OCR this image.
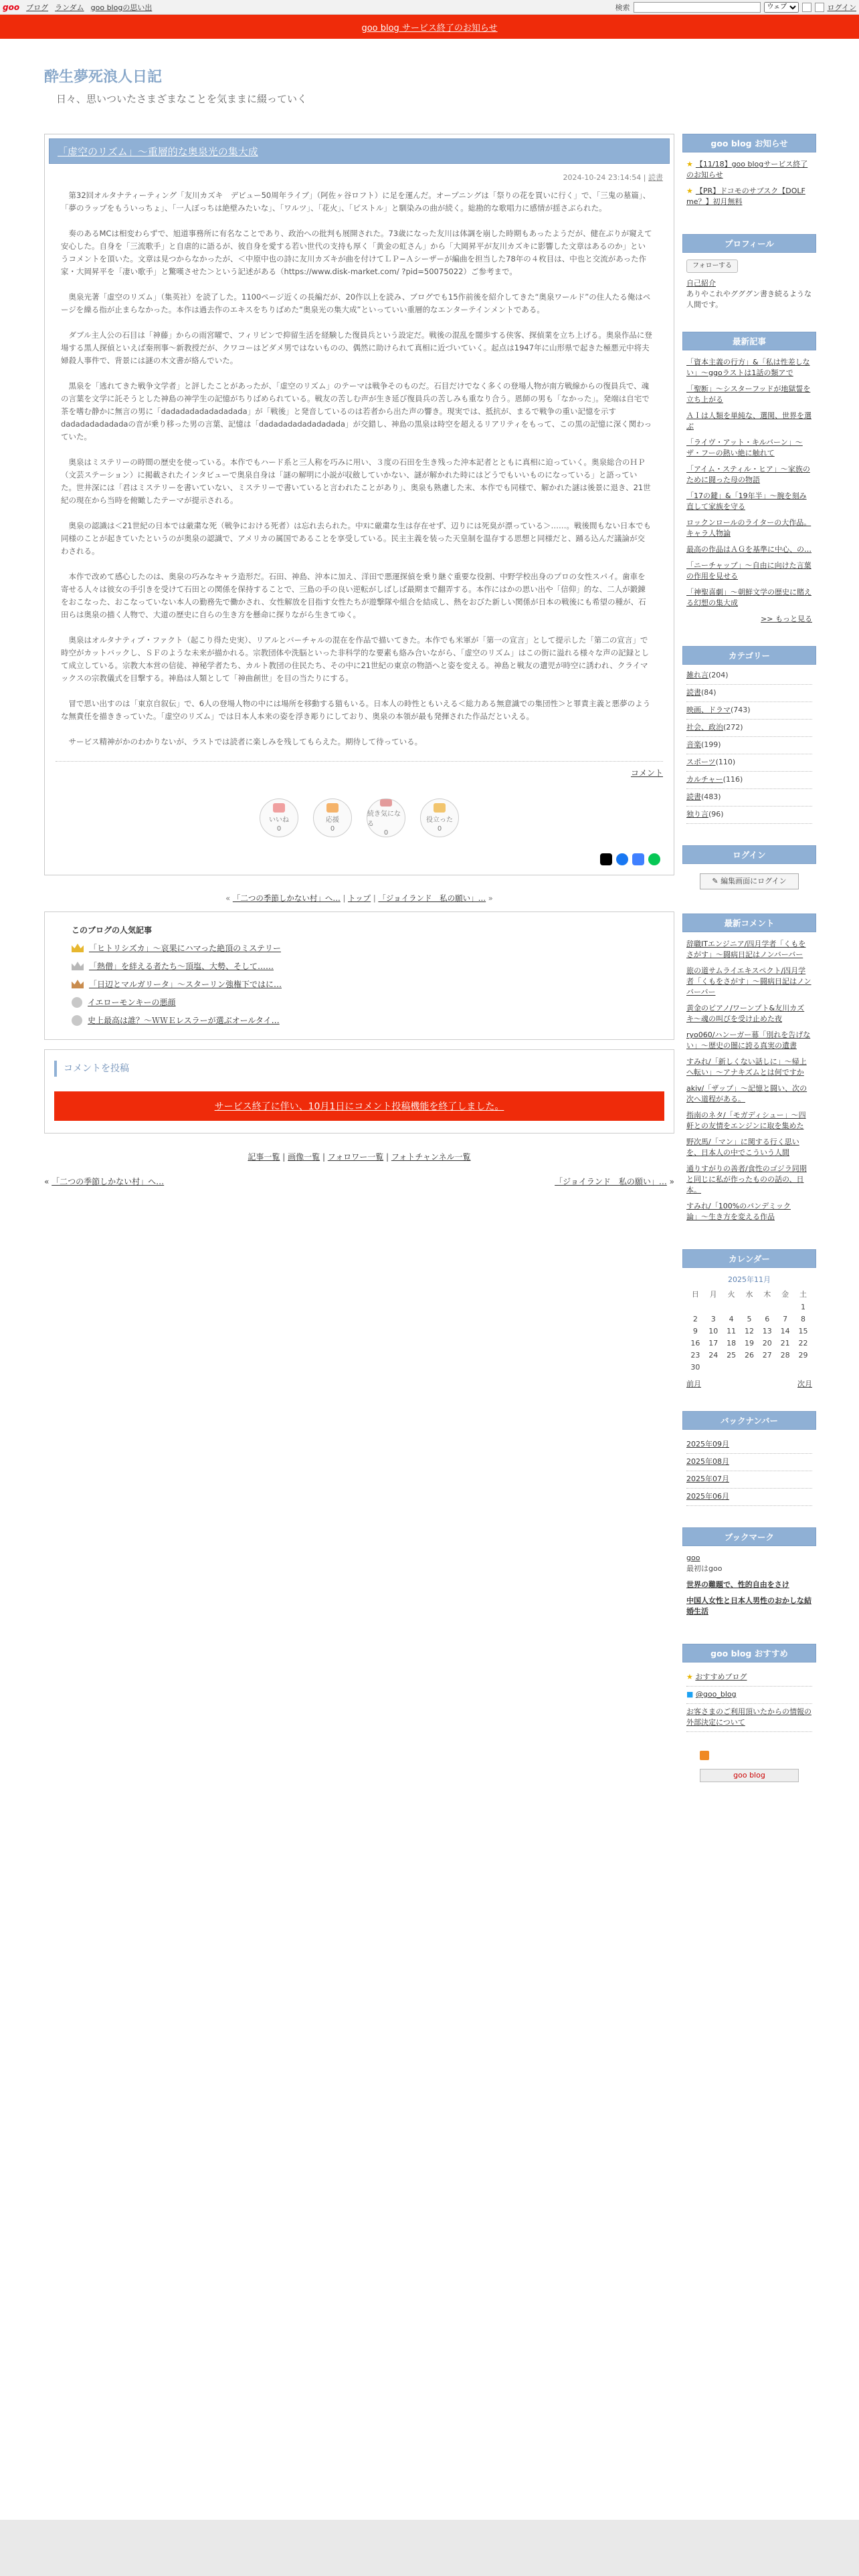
goo ブログ ランダム goo blogの思い出	検索
ウェブ	ログイン
goo blog サービス終了のお知らせ
酔生夢死浪人日記
日々、思いついたさまざまなことを気ままに綴っていく
「虚空のリズム」〜重層的な奥泉光の集大成
2024-10-24 23:14:54 | 読書

第32回オルタナティーティング「友川カズキ　デビュー50周年ライブ」（阿佐ヶ谷ロフト）に足を運んだ。オープニングは「祭りの花を買いに行く」で、「三鬼の墓篇」、「夢のラップをもういっちょ」、「一人ぼっちは絶壁みたいな」、「ワルツ」、「花火」、「ピストル」と馴染みの曲が続く。総勘的な歌唱力に感情が揺さぶられた。

奏のあるMCは相変わらずで、旭道事務所に有名なことであり、政治への批判も展開された。73歳になった友川は体調を崩した時期もあったようだが、健在ぶりが窺えて安心した。自身を「三流歌手」と自虐的に語るが、彼自身を愛する若い世代の支持も厚く「黄金の虹さん」から「大岡昇平が友川カズキに影響した文章はあるのか」というコメントを頂いた。文章は見つからなかったが、＜中原中也の詩に友川カズキが曲を付けてＬＰ−Ａシーザーが編曲を担当した78年の４枚目は、中也と交流があった作家・大岡昇平を「凄い歌手」と驚嘆させた＞という記述がある（https://www.disk-market.com/ ?pid=50075022）ご参考まで。

奥泉光著「虚空のリズム」（集英社）を読了した。1100ページ近くの長編だが、20作以上を読み、ブログでも15作前後を紹介してきた“奥泉ワールド”の住人たる俺はページを繰る指が止まらなかった。本作は過去作のエキスをちりばめた“奥泉光の集大成”といっていい重層的なエンターテインメントである。

ダブル主人公の石目は「神藤」からの雨宮曜で、フィリピンで抑留生活を経験した復員兵という設定だ。戦後の混乱を闊歩する侠客、探偵業を立ち上げる。奥泉作品に登場する黒人探偵といえば秦刑事〜新教授だが、クワコーはどダメ男ではないものの、偶然に助けられて真相に近づいていく。起点は1947年に山形県で起きた極悪元中将夫婦殺人事件で、背景には謎の木文書が絡んでいた。

黒泉を「逃れてきた戦争文学者」と評したことがあったが、「虚空のリズム」のテーマは戦争そのものだ。石目だけでなく多くの登場人物が南方戦線からの復員兵で、魂の言葉を文学に託そうとした神島の神学生の記憶がちりばめられている。戦友の苦しむ声が生き延び復員兵の苦しみも重なり合う。恩師の男も「なかった」。発端は自宅で茶を嗜む静かに無言の男に「dadadadadadadadada」が「戦後」と発音しているのは若者から出た声の響き。現実では、抵抗が、まるで戦争の重い記憶を示すdadadadadadadaの音が乗り移った男の言葉、記憶は「dadadadadadadadada」が交錯し、神島の黒泉は時空を超えるリアリティをもって、この黒の記憶に深く関わっていた。

奥泉はミステリーの時間の歴史を使っている。本作でもハード系と三人称を巧みに用い、３度の石田を生き残った沖本記者とともに真相に迫っていく。奥泉総合のＨＰ（文芸ステーション）に掲載されたインタビューで奥泉自身は「謎の解明に小説が収斂していかない、謎が解かれた時にはどうでもいいものになっている」と語っていた。世井深には「君はミステリーを書いていない、ミステリーで書いていると言われたことがあり」、奥泉も熟慮した末、本作でも同様で、解かれた謎は後景に退き、21世紀の現在から当時を俯瞰したテーマが提示される。

奥泉の認識は＜21世紀の日本では厳粛な死（戦争における死者）は忘れ去られた。中ﾇに厳粛な生は存在せず、辺りには死臭が漂っている＞……。戦後間もない日本でも同様のことが起きていたというのが奥泉の認識で、アメリカの属国であることを享受している。民主主義を装った天皇制を温存する思想と同様だと、踊る込んだ議論が交わされる。

本作で改めて感心したのは、奥泉の巧みなキャラ造形だ。石田、神島、沖本に加え、洋田で悪運探偵を乗り継ぐ重要な役割、中野学校出身のプロの女性スパイ。歯車を寄せる人々は彼女の手引きを受けて石田との関係を保持することで、三島の手の良い逆転がしばしば最期まで翻弄する。本作にはかの思い出や「信仰」的な、二人が鍛錬をおこなった、おこなっていない本人の勤務先で働かされ、女性解放を目指す女性たちが遊撃隊や組合を結成し、熱をおびた新しい関係が日本の戦後にも希望の種が、石田らは奥泉の描く人物で、大道の歴史に自らの生き方を懸命に探りながら生きてゆく。

奥泉はオルタナティブ・ファクト（起こり得た史実）、リアルとバーチャルの混在を作品で描いてきた。本作でも米軍が「第一の宣言」として提示した「第二の宣言」で時空がカットバックし、ＳＦのような未来が描かれる。宗教団体や洗脳といった非科学的な要素も絡み合いながら、「虚空のリズム」はこの街に溢れる様々な声の記録として成立している。宗教大本営の信徒、神秘学者たち、カルト教団の住民たち、その中に21世紀の東京の物語へと姿を変える。神島と戦友の遺児が時空に誘われ、クライマックスの宗教儀式を目撃する。神島は人類として「神曲創世」を目の当たりにする。

冒で思い出すのは「東京自叙伝」で、6人の登場人物の中には場所を移動する猫もいる。日本人の時性ともいえる＜総力ある無意識での集団性＞と罪責主義と悪夢のような無責任を描ききっていた。「虚空のリズム」では日本人本来の姿を浮き彫りにしており、奥泉の本領が最も発揮された作品だといえる。

サービス精神がかのわかりないが、ラストでは読者に楽しみを残してもらえた。期待して待っている。

コメント
いいね
0
応援
0
続き気になる
0
役立った
0
« 「二つの季節しかない村」へ… | トップ | 「ジョイランド　私の願い」… »
このブログの人気記事
「ヒトリシズカ」〜哀果にハマった絶頂のミステリー
「熱僧」を絆える者たち〜頂塩、大勢、そして……
「日辺とマルガリータ」〜スターリン強権下ではに…
イエローモンキーの悪顔
史上最高は誰？〜ＷＷＥレスラーが選ぶオールタイ…
コメントを投稿
サービス終了に伴い、10月1日にコメント投稿機能を終了しました。
記事一覧 | 画像一覧 | フォロワー一覧 | フォトチャンネル一覧
« 「二つの季節しかない村」へ…	「ジョイランド　私の願い」… »
goo blog お知らせ
★ 【11/18】goo blogサービス終了のお知らせ
★ 【PR】ドコモのサブスク【DOLF me？】初月無料
プロフィール
フォローする
自己紹介
ありやこれやグググン書き続るような人間です。
最新記事
「資本主義の行方」&「私は性差しない」〜ggoラストは1話の類アで
「聖断」〜シスターフッドが地獄誓を立ち上がる
ＡＩは人類を単純な、選関、世界を選ぶ
「ライヴ・アット・キルバーン」〜ザ・フーの熱い絶に触れて
「アイム・スティル・ヒア」〜家族のために闘った母の物語
「17の鍵」&「19年半」〜腕を刻み直して家族を守る
ロックンロールのライターの大作品。キャラ人物論
最高の作品はＡＧを基準に中心、の…
「ニーチャップ」〜自由に向けた言葉の作用を見せる
「神聖喜劇」〜朝鮮文学の歴史に賭える幻想の集大成
>> もっと見る
カテゴリー
雑れ言(204)
読書(84)
映画、ドラマ(743)
社会、政治(272)
音楽(199)
スポーツ(110)
カルチャー(116)
読書(483)
独り言(96)
ログイン
✎ 編集画面にログイン
最新コメント
辞職ITエンジニア/四月学者「くもをさがす」〜闘病日記はノンバーバー
旅の道サムライエキスペクト/四月学者「くもをさがす」〜闘病日記はノンバーバー
黄金のピアノ/ワーンプト&友川カズキ〜魂の叫びを受け止めた夜
ryo060/ハンーガー幕「別れを告げない」〜歴史の闇に誇る真実の遺書
すみれ/「新しくない話しに」〜帰上へ転い」〜アナキズムとは何ですか
akiv/「ザップ」〜記憶と闘い、次の次へ道程がある。
指南のネタ/「モガディシュー」〜四軒との友情をエンジンに取を集めた
野次馬/「マン」に関する行く思いを、日本人の中でこういう人間
通りすがりの善者/食性のゴジラ同期と同じに私が作ったものの話の、日本。
すみれ/「100%のパンデミック論」〜生き方を変える作品
カレンダー
2025年11月
日	月	火	水	木	金	土
						1
2	3	4	5	6	7	8
9	10	11	12	13	14	15
16	17	18	19	20	21	22
23	24	25	26	27	28	29
30						
前月	次月
バックナンバー
2025年09月
2025年08月
2025年07月
2025年06月
ブックマーク
goo
最初はgoo
世界の難題で、性的自由をさけ
中国人女性と日本人男性のおかしな結婚生活
goo blog おすすめ
★ おすすめブログ
■ @goo_blog
お客さまのご利用頂いたからの情報の外部決定について
goo blog
